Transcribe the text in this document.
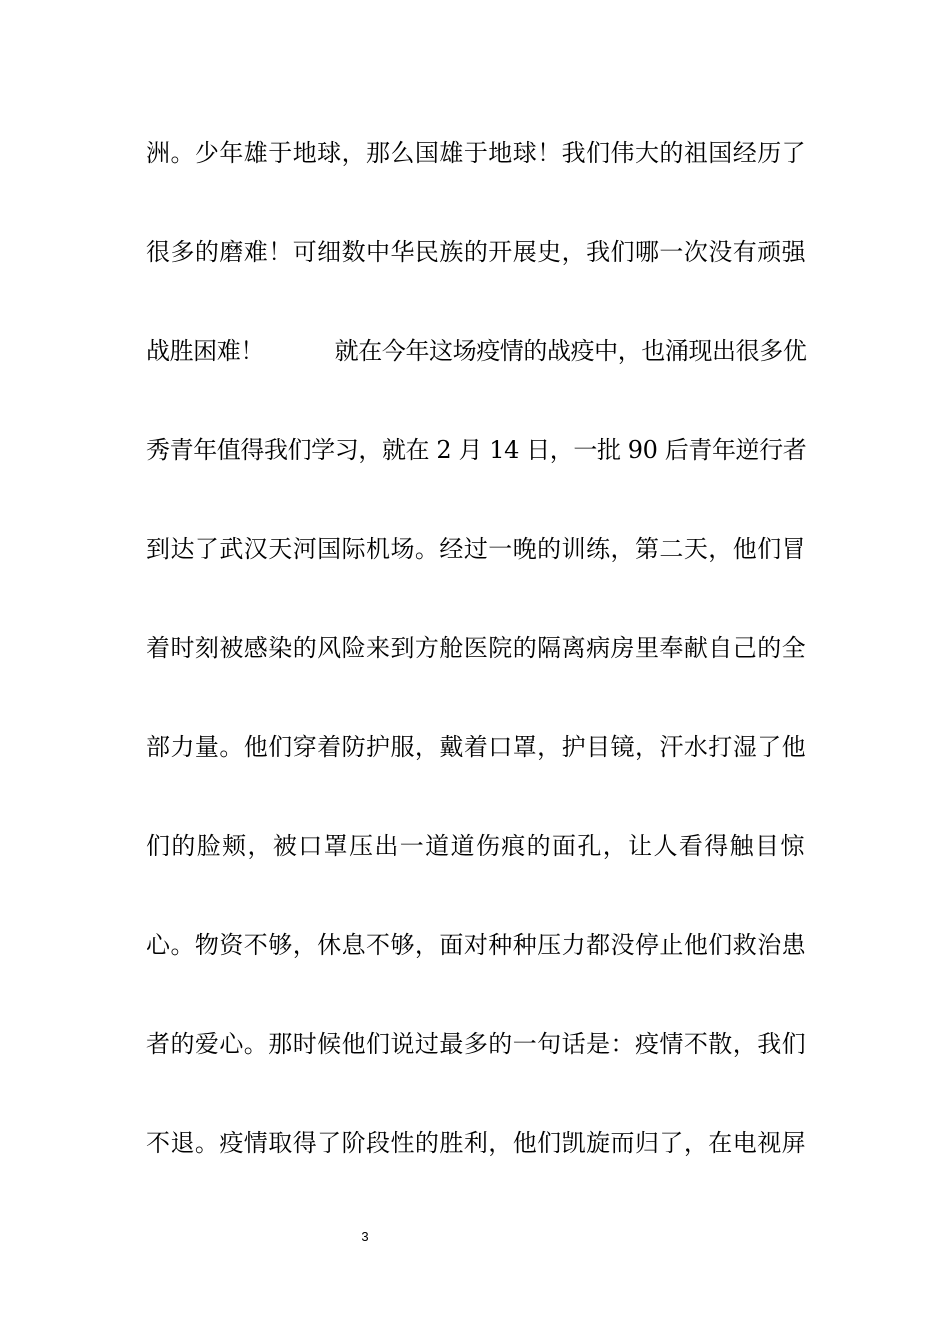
洲。少年雄于地球，那么国雄于地球！我们伟大的祖国经历了
很多的磨难！可细数中华民族的开展史，我们哪一次没有顽强
战胜困难！　　　就在今年这场疫情的战疫中，也涌现出很多优
秀青年值得我们学习，就在 2 月 14 日，一批 90 后青年逆行者
到达了武汉天河国际机场。经过一晚的训练，第二天，他们冒
着时刻被感染的风险来到方舱医院的隔离病房里奉献自己的全
部力量。他们穿着防护服，戴着口罩，护目镜，汗水打湿了他
们的脸颊，被口罩压出一道道伤痕的面孔，让人看得触目惊
心。物资不够，休息不够，面对种种压力都没停止他们救治患
者的爱心。那时候他们说过最多的一句话是：疫情不散，我们
不退。疫情取得了阶段性的胜利，他们凯旋而归了，在电视屏
3
